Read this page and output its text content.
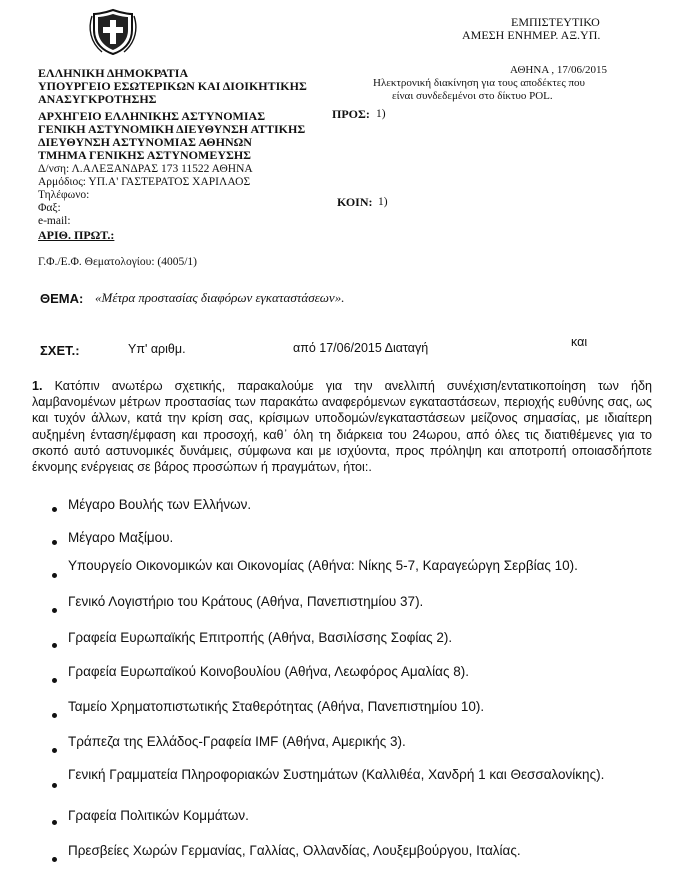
ΕΜΠΙΣΤΕΥΤΙΚΟ
ΑΜΕΣΗ ΕΝΗΜΕΡ. ΑΞ.ΥΠ.
ΕΛΛΗΝΙΚΗ ΔΗΜΟΚΡΑΤΙΑ
ΥΠΟΥΡΓΕΙΟ ΕΣΩΤΕΡΙΚΩΝ ΚΑΙ ΔΙΟΙΚΗΤΙΚΗΣ
ΑΝΑΣΥΓΚΡΟΤΗΣΗΣ
ΑΡΧΗΓΕΙΟ ΕΛΛΗΝΙΚΗΣ ΑΣΤΥΝΟΜΙΑΣ
ΓΕΝΙΚΗ ΑΣΤΥΝΟΜΙΚΗ ΔΙΕΥΘΥΝΣΗ ΑΤΤΙΚΗΣ
ΔΙΕΥΘΥΝΣΗ ΑΣΤΥΝΟΜΙΑΣ ΑΘΗΝΩΝ
ΤΜΗΜΑ ΓΕΝΙΚΗΣ ΑΣΤΥΝΟΜΕΥΣΗΣ
Δ/νση: Λ.ΑΛΕΞΑΝΔΡΑΣ 173 11522 ΑΘΗΝΑ
Αρμόδιος: ΥΠ.Α' ΓΑΣΤΕΡΑΤΟΣ ΧΑΡΙΛΑΟΣ
Τηλέφωνο:
Φαξ:
e-mail:
ΑΡΙΘ. ΠΡΩΤ.:
ΑΘΗΝΑ , 17/06/2015
Ηλεκτρονική διακίνηση για τους αποδέκτες που
είναι συνδεδεμένοι στο δίκτυο POL.
ΠΡΟΣ: 1)
ΚΟΙΝ: 1)
Γ.Φ./Ε.Φ. Θεματολογίου: (4005/1)
ΘΕΜΑ: «Μέτρα προστασίας διαφόρων εγκαταστάσεων».
ΣΧΕΤ.:	Υπ' αριθμ.	από 17/06/2015 Διαταγή	και
1. Κατόπιν ανωτέρω σχετικής, παρακαλούμε για την ανελλιπή συνέχιση/εντατικοποίηση των ήδη λαμβανομένων μέτρων προστασίας των παρακάτω αναφερόμενων εγκαταστάσεων, περιοχής ευθύνης σας, ως και τυχόν άλλων, κατά την κρίση σας, κρίσιμων υποδομών/εγκαταστάσεων μείζονος σημασίας, με ιδιαίτερη αυξημένη ένταση/έμφαση και προσοχή, καθ᾽ όλη τη διάρκεια του 24ωρου, από όλες τις διατιθέμενες για το σκοπό αυτό αστυνομικές δυνάμεις, σύμφωνα και με ισχύοντα, προς πρόληψη και αποτροπή οποιασδήποτε έκνομης ενέργειας σε βάρος προσώπων ή πραγμάτων, ήτοι:.
Μέγαρο Βουλής των Ελλήνων.
Μέγαρο Μαξίμου.
Υπουργείο Οικονομικών και Οικονομίας (Αθήνα: Νίκης 5-7, Καραγεώργη Σερβίας 10).
Γενικό Λογιστήριο του Κράτους (Αθήνα, Πανεπιστημίου 37).
Γραφεία Ευρωπαϊκής Επιτροπής (Αθήνα, Βασιλίσσης Σοφίας 2).
Γραφεία Ευρωπαϊκού Κοινοβουλίου (Αθήνα, Λεωφόρος Αμαλίας 8).
Ταμείο Χρηματοπιστωτικής Σταθερότητας (Αθήνα, Πανεπιστημίου 10).
Τράπεζα της Ελλάδος-Γραφεία IMF (Αθήνα, Αμερικής 3).
Γενική Γραμματεία Πληροφοριακών Συστημάτων (Καλλιθέα, Χανδρή 1 και Θεσσαλονίκης).
Γραφεία Πολιτικών Κομμάτων.
Πρεσβείες Χωρών Γερμανίας, Γαλλίας, Ολλανδίας, Λουξεμβούργου, Ιταλίας.
